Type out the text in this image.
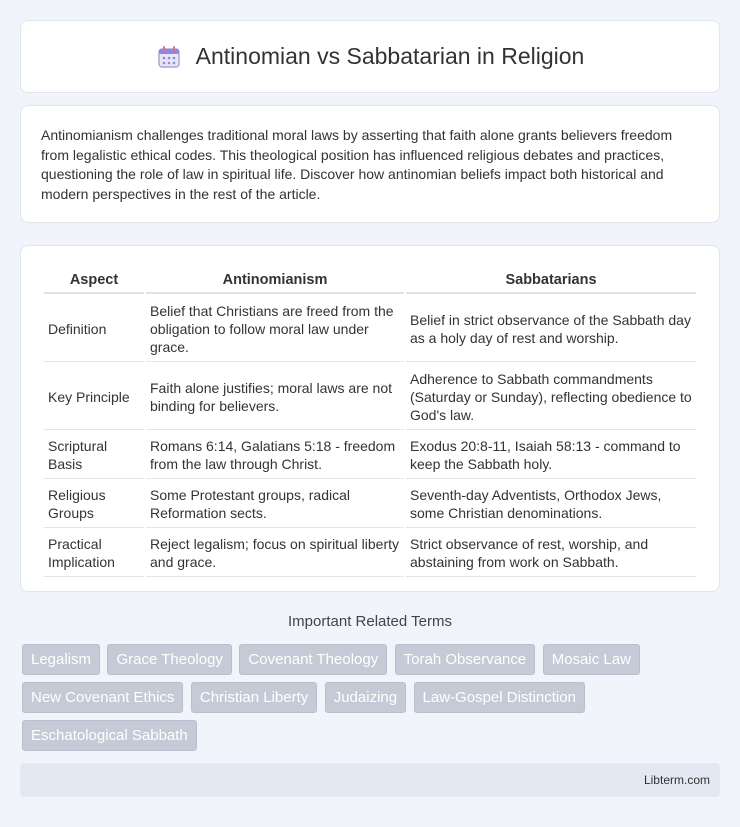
Antinomian vs Sabbatarian in Religion

Antinomianism challenges traditional moral laws by asserting that faith alone grants believers freedom from legalistic ethical codes. This theological position has influenced religious debates and practices, questioning the role of law in spiritual life. Discover how antinomian beliefs impact both historical and modern perspectives in the rest of the article.

Aspect	Antinomianism	Sabbatarians
Definition	Belief that Christians are freed from the obligation to follow moral law under grace.	Belief in strict observance of the Sabbath day as a holy day of rest and worship.
Key Principle	Faith alone justifies; moral laws are not binding for believers.	Adherence to Sabbath commandments (Saturday or Sunday), reflecting obedience to God's law.
Scriptural Basis	Romans 6:14, Galatians 5:18 - freedom from the law through Christ.	Exodus 20:8-11, Isaiah 58:13 - command to keep the Sabbath holy.
Religious Groups	Some Protestant groups, radical Reformation sects.	Seventh-day Adventists, Orthodox Jews, some Christian denominations.
Practical Implication	Reject legalism; focus on spiritual liberty and grace.	Strict observance of rest, worship, and abstaining from work on Sabbath.
Important Related Terms
Legalism Grace Theology Covenant Theology Torah Observance Mosaic Law New Covenant Ethics Christian Liberty Judaizing Law-Gospel Distinction Eschatological Sabbath
Libterm.com
